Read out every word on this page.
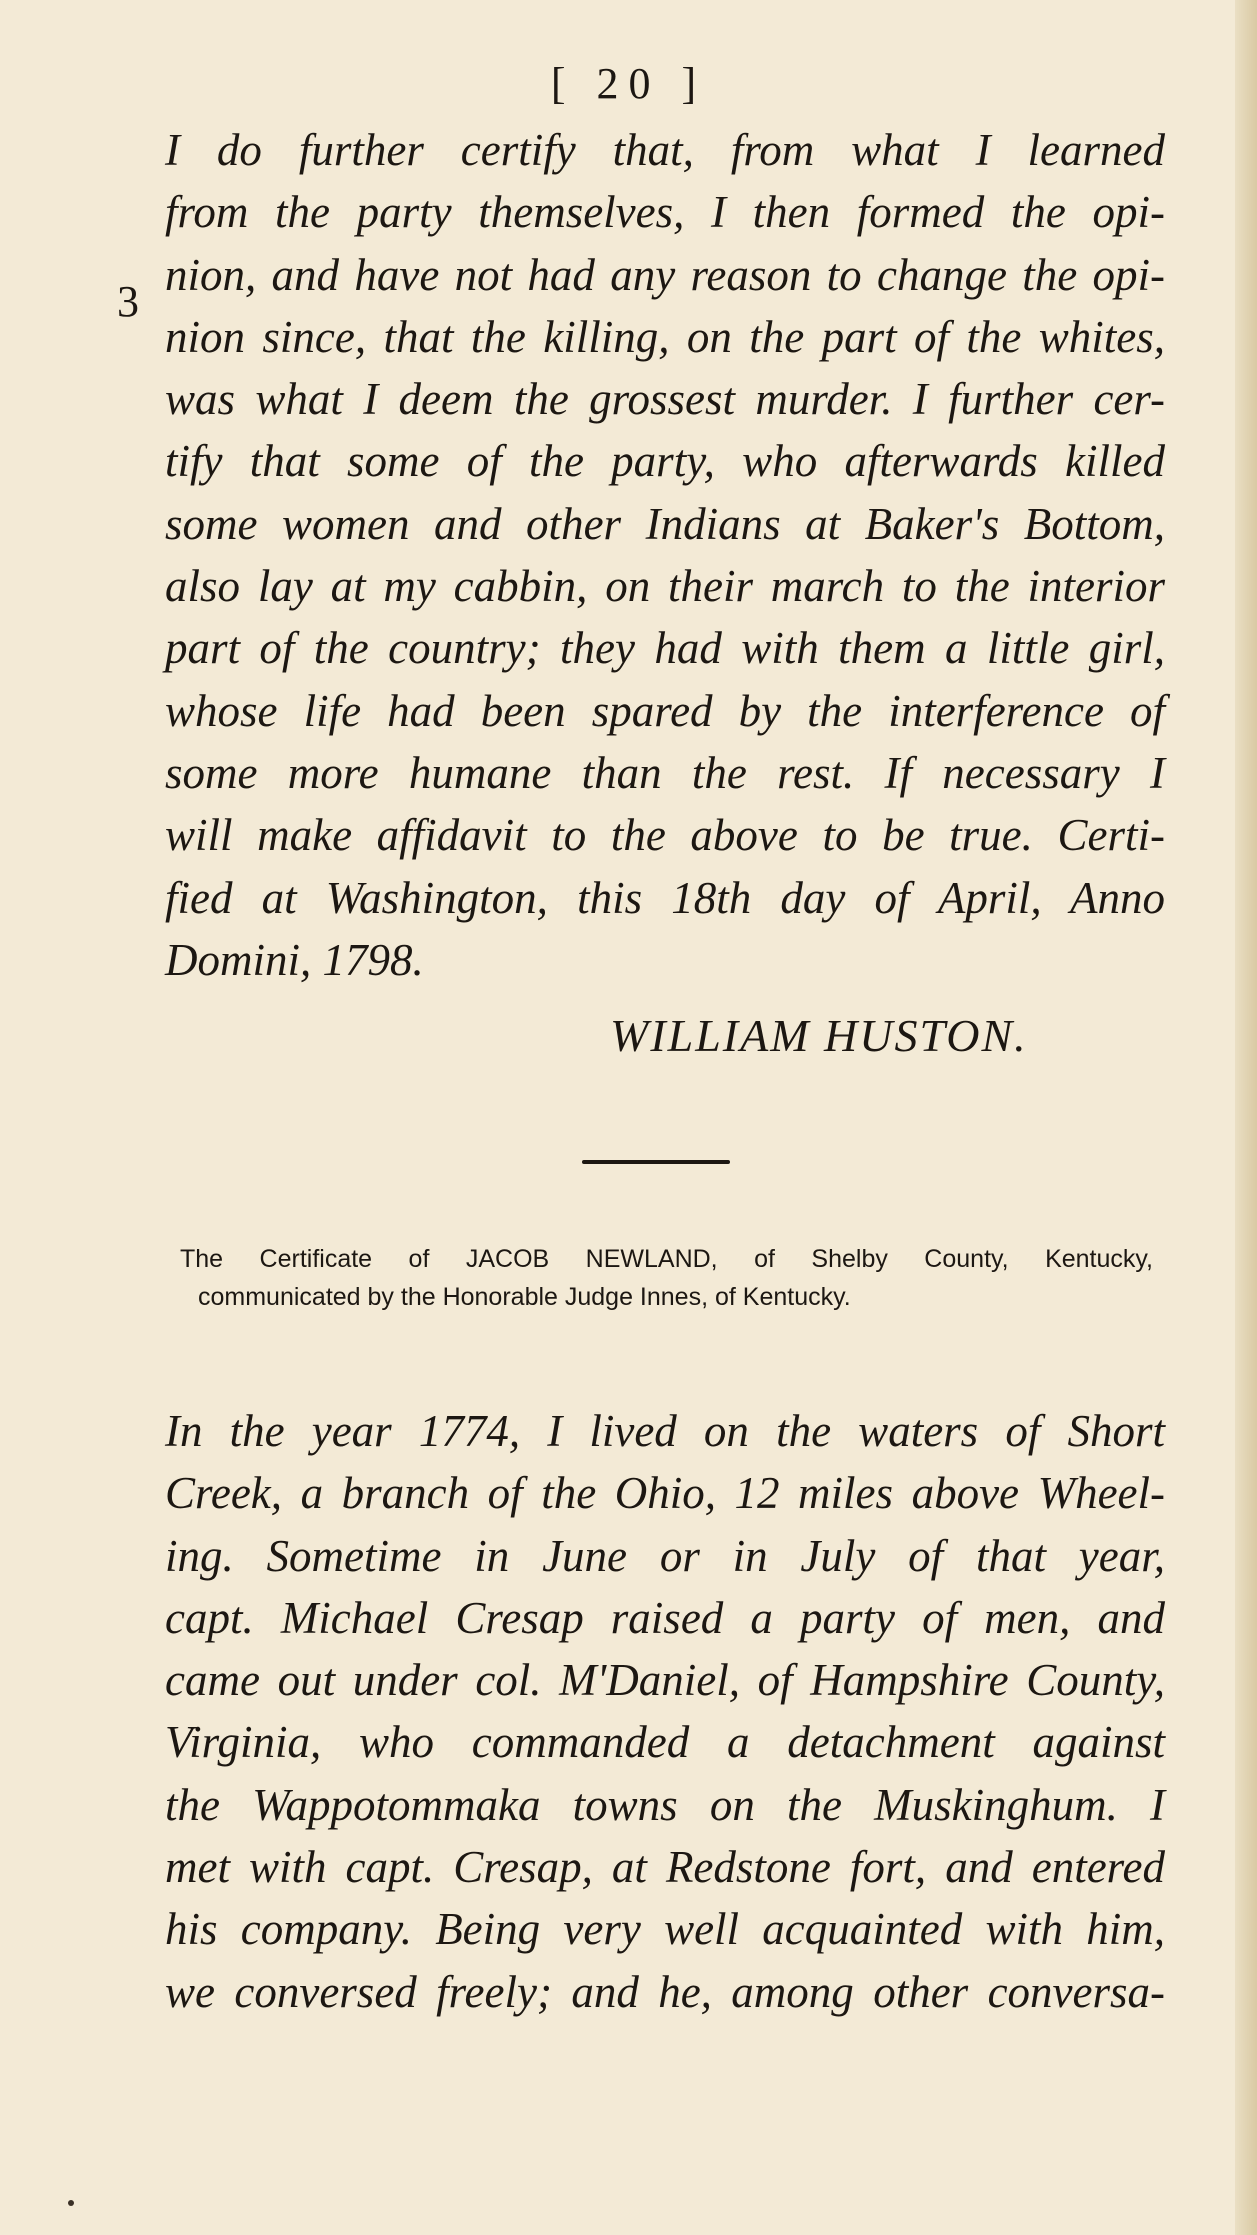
[ 20 ]
3
I do further certify that, from what I learned
from the party themselves, I then formed the opi-
nion, and have not had any reason to change the opi-
nion since, that the killing, on the part of the whites,
was what I deem the grossest murder. I further cer-
tify that some of the party, who afterwards killed
some women and other Indians at Baker's Bottom,
also lay at my cabbin, on their march to the interior
part of the country; they had with them a little girl,
whose life had been spared by the interference of
some more humane than the rest. If necessary I
will make affidavit to the above to be true. Certi-
fied at Washington, this 18th day of April, Anno
Domini, 1798.
WILLIAM HUSTON.
The Certificate of JACOB NEWLAND, of Shelby County, Kentucky,
communicated by the Honorable Judge Innes, of Kentucky.
In the year 1774, I lived on the waters of Short
Creek, a branch of the Ohio, 12 miles above Wheel-
ing. Sometime in June or in July of that year,
capt. Michael Cresap raised a party of men, and
came out under col. M'Daniel, of Hampshire County,
Virginia, who commanded a detachment against
the Wappotommaka towns on the Muskinghum. I
met with capt. Cresap, at Redstone fort, and entered
his company. Being very well acquainted with him,
we conversed freely; and he, among other conversa-
